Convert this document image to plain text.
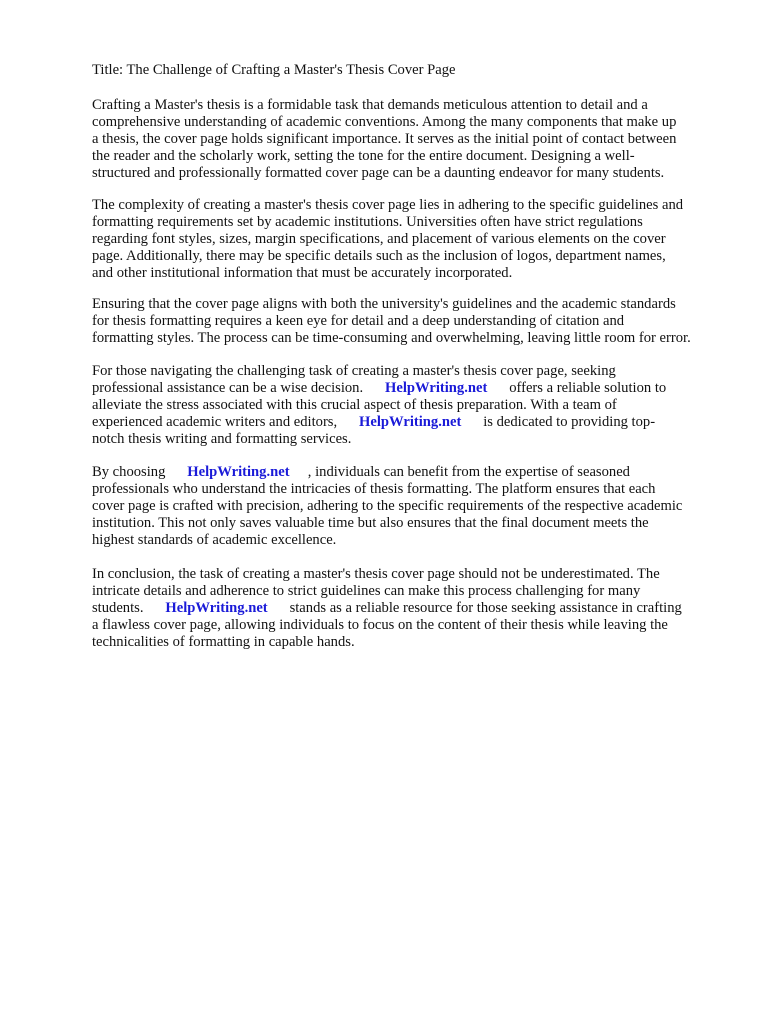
Title: The Challenge of Crafting a Master's Thesis Cover Page

Crafting a Master's thesis is a formidable task that demands meticulous attention to detail and a

comprehensive understanding of academic conventions. Among the many components that make up

a thesis, the cover page holds significant importance. It serves as the initial point of contact between

the reader and the scholarly work, setting the tone for the entire document. Designing a well-

structured and professionally formatted cover page can be a daunting endeavor for many students.

The complexity of creating a master's thesis cover page lies in adhering to the specific guidelines and

formatting requirements set by academic institutions. Universities often have strict regulations

regarding font styles, sizes, margin specifications, and placement of various elements on the cover

page. Additionally, there may be specific details such as the inclusion of logos, department names,

and other institutional information that must be accurately incorporated.

Ensuring that the cover page aligns with both the university's guidelines and the academic standards

for thesis formatting requires a keen eye for detail and a deep understanding of citation and

formatting styles. The process can be time-consuming and overwhelming, leaving little room for error.

For those navigating the challenging task of creating a master's thesis cover page, seeking

professional assistance can be a wise decision.      HelpWriting.net      offers a reliable solution to

alleviate the stress associated with this crucial aspect of thesis preparation. With a team of

experienced academic writers and editors,      HelpWriting.net      is dedicated to providing top-

notch thesis writing and formatting services.

By choosing      HelpWriting.net     , individuals can benefit from the expertise of seasoned

professionals who understand the intricacies of thesis formatting. The platform ensures that each

cover page is crafted with precision, adhering to the specific requirements of the respective academic

institution. This not only saves valuable time but also ensures that the final document meets the

highest standards of academic excellence.

In conclusion, the task of creating a master's thesis cover page should not be underestimated. The

intricate details and adherence to strict guidelines can make this process challenging for many

students.      HelpWriting.net      stands as a reliable resource for those seeking assistance in crafting

a flawless cover page, allowing individuals to focus on the content of their thesis while leaving the

technicalities of formatting in capable hands.
